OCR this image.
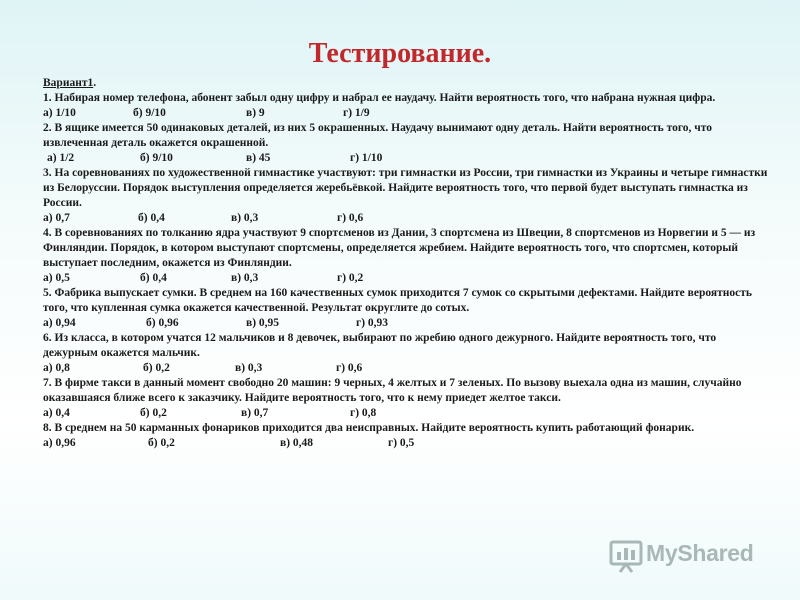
Тестирование.

Вариант1.

1. Набирая номер телефона, абонент забыл одну цифру и набрал ее наудачу. Найти вероятность того, что набрана нужная цифра.

а) 1/10	б) 9/10	в) 9	г) 1/9

2. В ящике имеется 50 одинаковых деталей, из них 5 окрашенных. Наудачу вынимают одну деталь. Найти вероятность того, что извлеченная деталь окажется окрашенной.

а) 1/2	б) 9/10	в) 45	г) 1/10

3. На соревнованиях по художественной гимнастике участвуют: три гимнастки из России, три гимнастки из Украины и четыре гимнастки из Белоруссии. Порядок выступления определяется жеребьёвкой. Найдите вероятность того, что первой будет выступать гимнастка из России.

а) 0,7	б) 0,4	в) 0,3	г) 0,6

4. В соревнованиях по толканию ядра участвуют 9 спортсменов из Дании, 3 спортсмена из Швеции, 8 спортсменов из Норвегии и 5 — из Финляндии. Порядок, в котором выступают спортсмены, определяется жребием. Найдите вероятность того, что спортсмен, который выступает последним, окажется из Финляндии.

а) 0,5	б) 0,4	в) 0,3	г) 0,2

5. Фабрика выпускает сумки. В среднем на 160 качественных сумок приходится 7 сумок со скрытыми дефектами. Найдите вероятность того, что купленная сумка окажется качественной. Результат округлите до сотых.

а) 0,94	б) 0,96	в) 0,95	г) 0,93

6. Из класса, в котором учатся 12 мальчиков и 8 девочек, выбирают по жребию одного дежурного. Найдите вероятность того, что дежурным окажется мальчик.

а) 0,8	б) 0,2	в) 0,3	г) 0,6

7. В фирме такси в данный момент свободно 20 машин: 9 черных, 4 желтых и 7 зеленых. По вызову выехала одна из машин, случайно оказавшаяся ближе всего к заказчику. Найдите вероятность того, что к нему приедет желтое такси.

а) 0,4	б) 0,2	в) 0,7	г) 0,8

8. В среднем на 50 карманных фонариков приходится два неисправных. Найдите вероятность купить работающий фонарик.

а) 0,96	б) 0,2	в) 0,48	г) 0,5
MyShared
